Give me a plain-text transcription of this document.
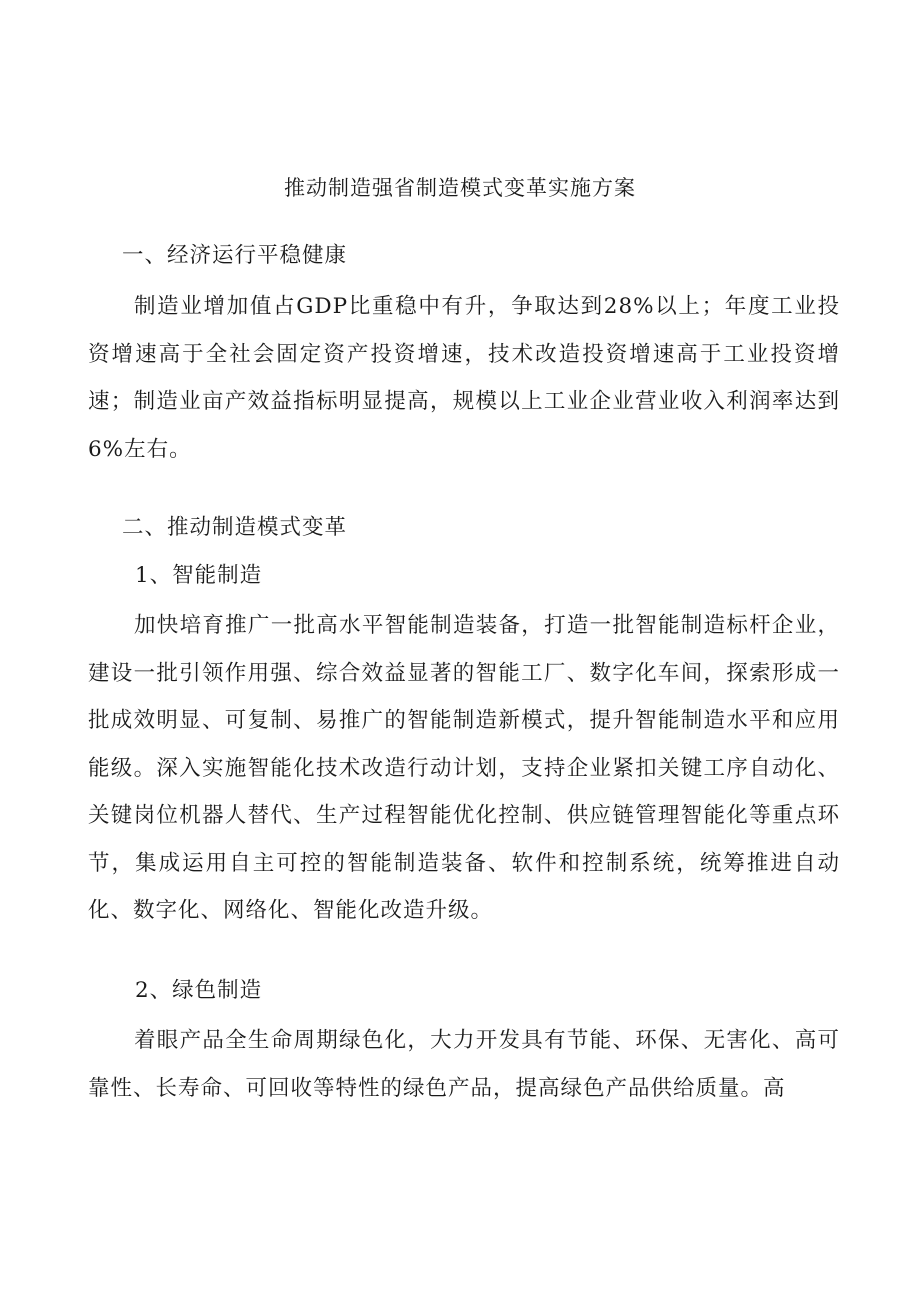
推动制造强省制造模式变革实施方案
一、经济运行平稳健康
制造业增加值占GDP比重稳中有升，争取达到28%以上；年度工业投资增速高于全社会固定资产投资增速，技术改造投资增速高于工业投资增速；制造业亩产效益指标明显提高，规模以上工业企业营业收入利润率达到6%左右。
二、推动制造模式变革
1、智能制造
加快培育推广一批高水平智能制造装备，打造一批智能制造标杆企业，建设一批引领作用强、综合效益显著的智能工厂、数字化车间，探索形成一批成效明显、可复制、易推广的智能制造新模式，提升智能制造水平和应用能级。深入实施智能化技术改造行动计划，支持企业紧扣关键工序自动化、关键岗位机器人替代、生产过程智能优化控制、供应链管理智能化等重点环节，集成运用自主可控的智能制造装备、软件和控制系统，统筹推进自动化、数字化、网络化、智能化改造升级。
2、绿色制造
着眼产品全生命周期绿色化，大力开发具有节能、环保、无害化、高可靠性、长寿命、可回收等特性的绿色产品，提高绿色产品供给质量。高
